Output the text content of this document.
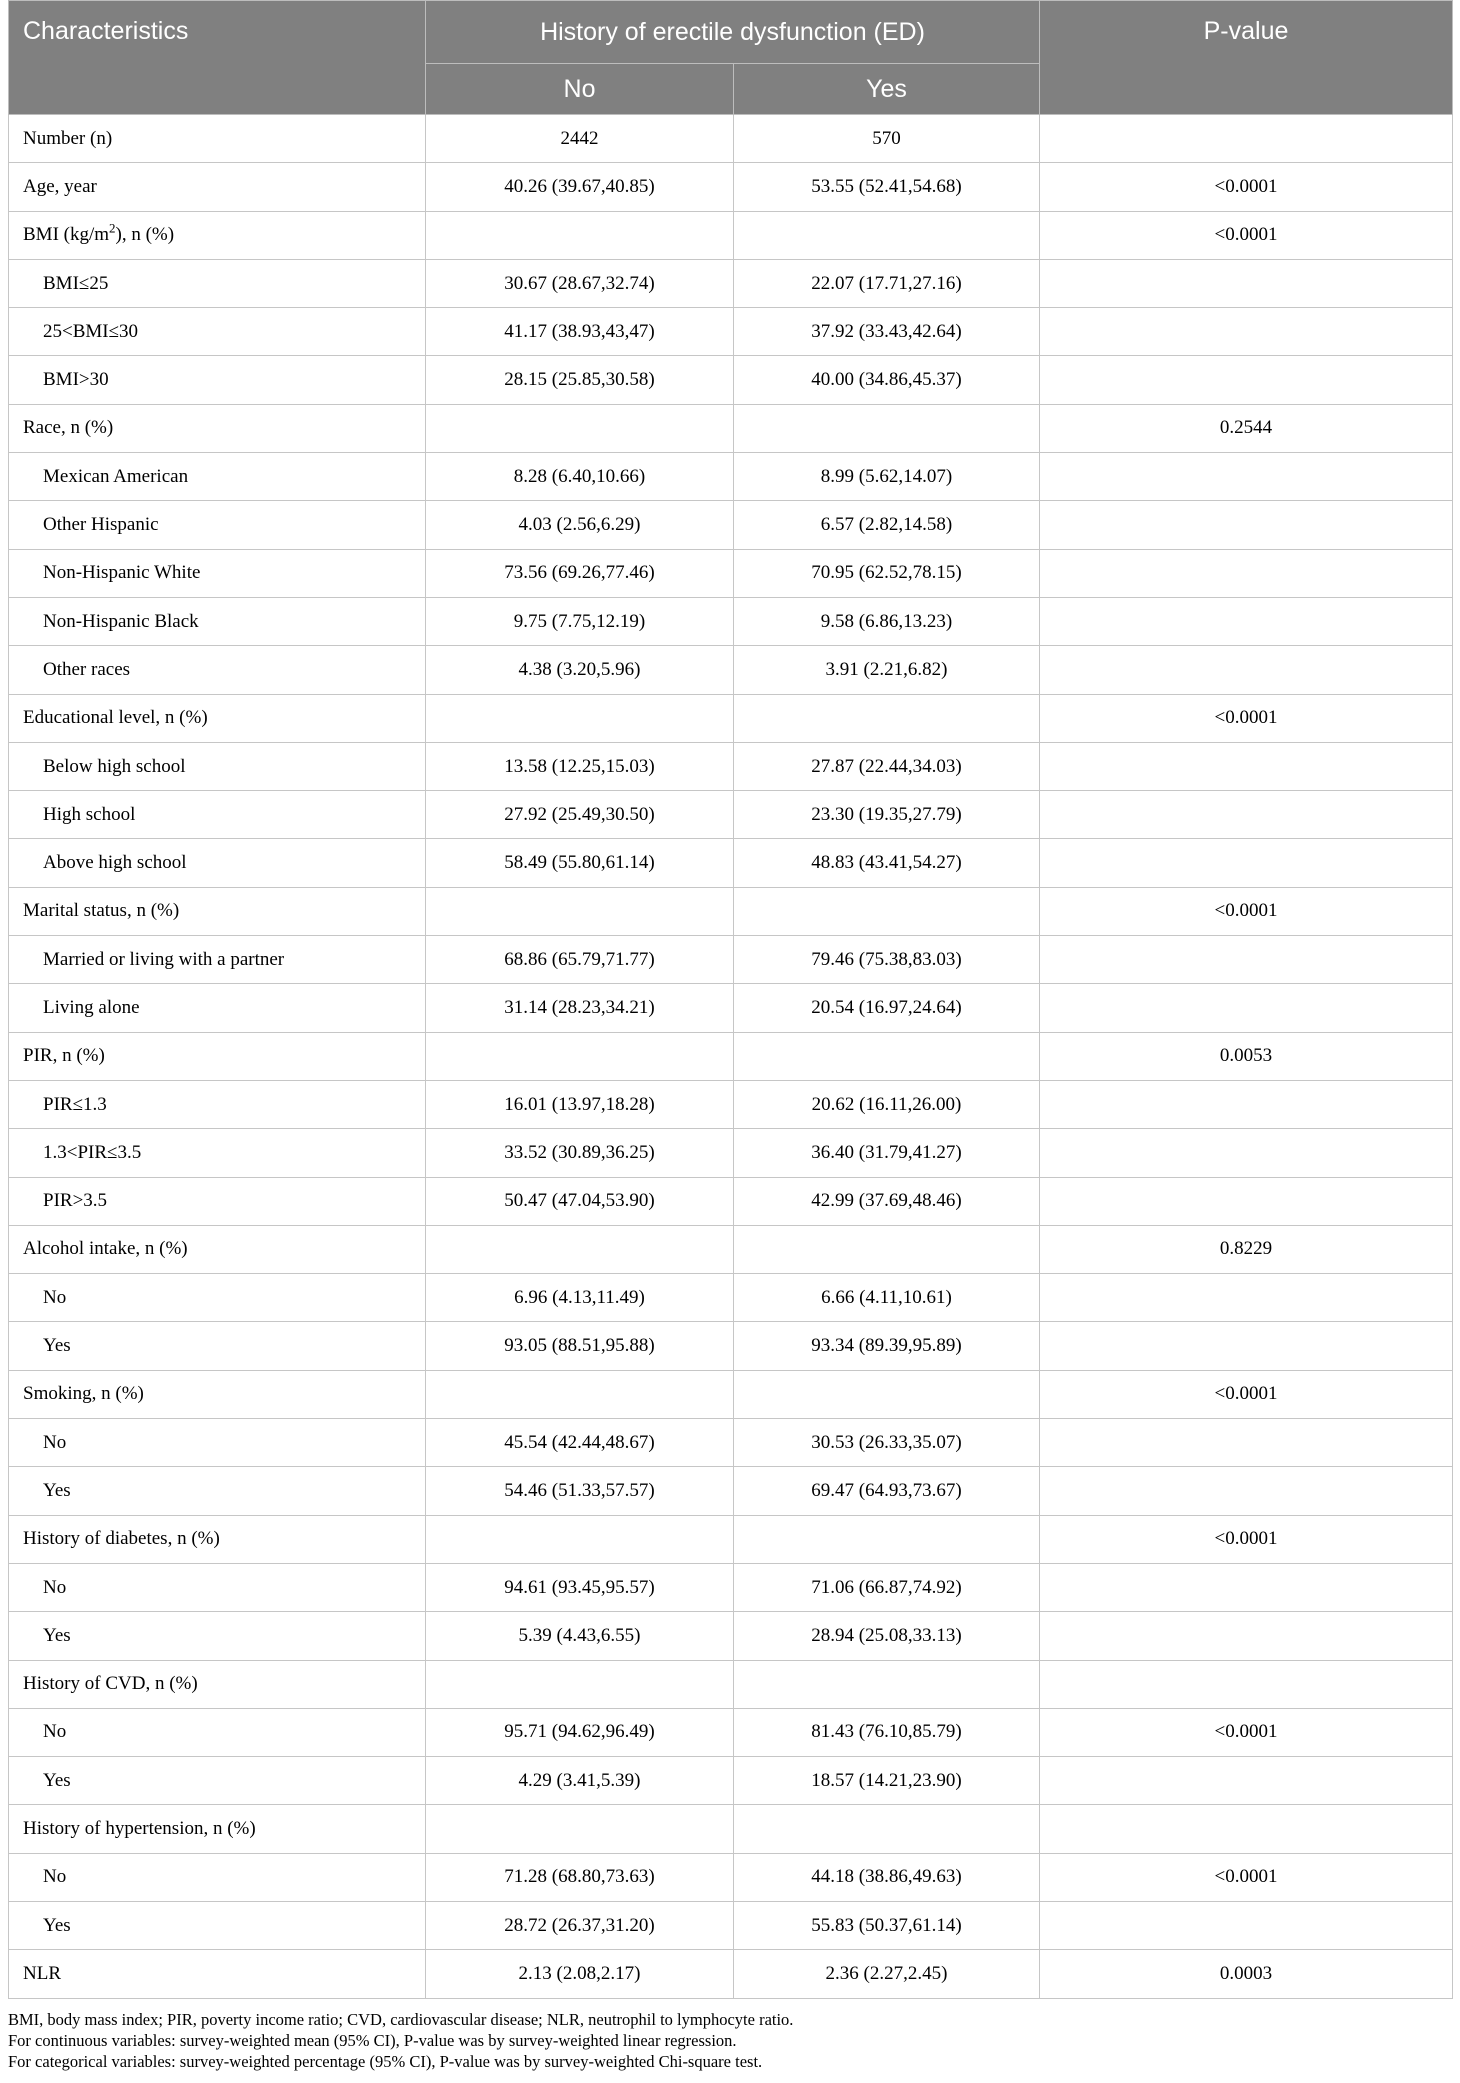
Characteristics	History of erectile dysfunction (ED)		P-value
	No	Yes	
Number (n)	2442	570	
Age, year	40.26 (39.67,40.85)	53.55 (52.41,54.68)	<0.0001
BMI $(kg/m^2)$, n (%)			<0.0001
BMI≤25	30.67 (28.67,32.74)	22.07 (17.71,27.16)	
25<BMI≤30	41.17 (38.93,43,47)	37.92 (33.43,42.64)	
BMI>30	28.15 (25.85,30.58)	40.00 (34.86,45.37)	
Race, n (%)			0.2544
Mexican American	8.28 (6.40,10.66)	8.99 (5.62,14.07)	
Other Hispanic	4.03 (2.56,6.29)	6.57 (2.82,14.58)	
Non-Hispanic White	73.56 (69.26,77.46)	70.95 (62.52,78.15)	
Non-Hispanic Black	9.75 (7.75,12.19)	9.58 (6.86,13.23)	
Other races	4.38 (3.20,5.96)	3.91 (2.21,6.82)	
Educational level, n (%)			<0.0001
Below high school	13.58 (12.25,15.03)	27.87 (22.44,34.03)	
High school	27.92 (25.49,30.50)	23.30 (19.35,27.79)	
Above high school	58.49 (55.80,61.14)	48.83 (43.41,54.27)	
Marital status, n (%)			<0.0001
Married or living with a partner	68.86 (65.79,71.77)	79.46 (75.38,83.03)	
Living alone	31.14 (28.23,34.21)	20.54 (16.97,24.64)	
PIR, n (%)			0.0053
PIR≤1.3	16.01 (13.97,18.28)	20.62 (16.11,26.00)	
1.3<PIR≤3.5	33.52 (30.89,36.25)	36.40 (31.79,41.27)	
PIR>3.5	50.47 (47.04,53.90)	42.99 (37.69,48.46)	
Alcohol intake, n (%)			0.8229
No	6.96 (4.13,11.49)	6.66 (4.11,10.61)	
Yes	93.05 (88.51,95.88)	93.34 (89.39,95.89)	
Smoking, n (%)			<0.0001
No	45.54 (42.44,48.67)	30.53 (26.33,35.07)	
Yes	54.46 (51.33,57.57)	69.47 (64.93,73.67)	
History of diabetes, n (%)			<0.0001
No	94.61 (93.45,95.57)	71.06 (66.87,74.92)	
Yes	5.39 (4.43,6.55)	28.94 (25.08,33.13)	
History of CVD, n (%)			
No	95.71 (94.62,96.49)	81.43 (76.10,85.79)	<0.0001
Yes	4.29 (3.41,5.39)	18.57 (14.21,23.90)	
History of hypertension, n (%)			
No	71.28 (68.80,73.63)	44.18 (38.86,49.63)	<0.0001
Yes	28.72 (26.37,31.20)	55.83 (50.37,61.14)	
NLR	2.13 (2.08,2.17)	2.36 (2.27,2.45)	0.0003

BMI, body mass index; PIR, poverty income ratio; CVD, cardiovascular disease; NLR, neutrophil to lymphocyte ratio.

For continuous variables: survey-weighted mean (95% CI), P-value was by survey-weighted linear regression.

For categorical variables: survey-weighted percentage (95% CI), P-value was by survey-weighted Chi-square test.
